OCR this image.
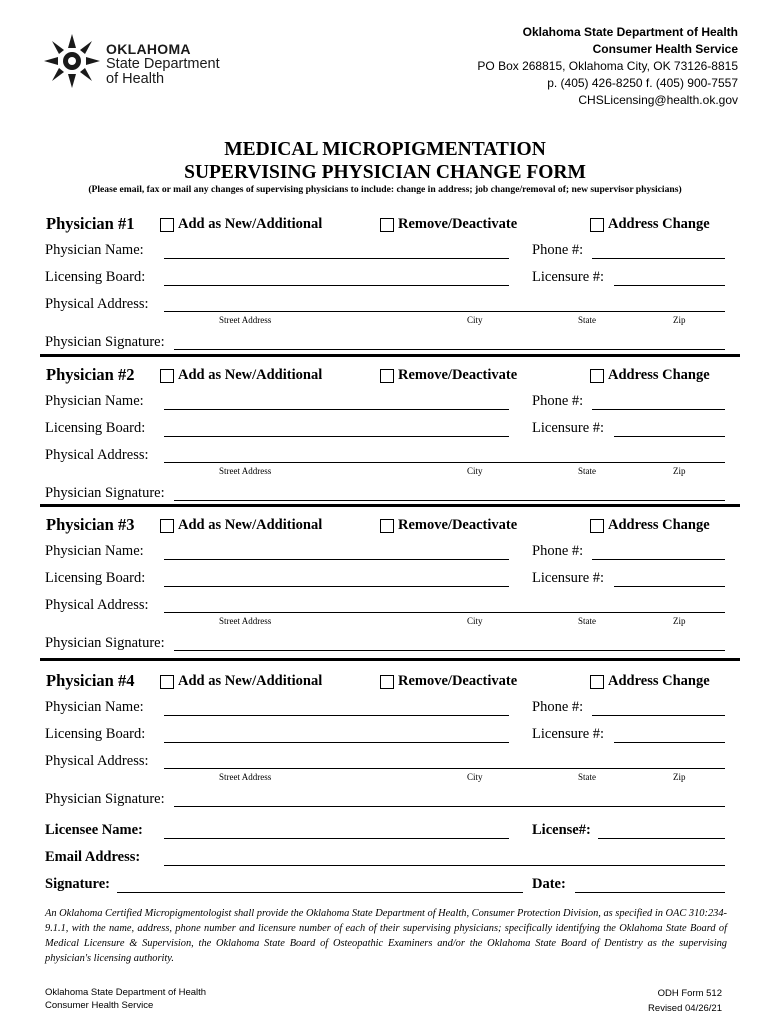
OKLAHOMA
State Department
of Health
Oklahoma State Department of Health
Consumer Health Service
PO Box 268815, Oklahoma City, OK 73126-8815
p. (405) 426-8250 f. (405) 900-7557
CHSLicensing@health.ok.gov
MEDICAL MICROPIGMENTATION
SUPERVISING PHYSICIAN CHANGE FORM
(Please email, fax or mail any changes of supervising physicians to include: change in address; job change/removal of; new supervisor physicians)
Physician #1	Add as New/Additional	Remove/Deactivate	Address Change
Physician Name:	Phone #:
Licensing Board:	Licensure #:
Physical Address:
Street Address	City	State	Zip
Physician Signature:
Physician #2	Add as New/Additional	Remove/Deactivate	Address Change
Physician Name:	Phone #:
Licensing Board:	Licensure #:
Physical Address:
Street Address	City	State	Zip
Physician Signature:
Physician #3	Add as New/Additional	Remove/Deactivate	Address Change
Physician Name:	Phone #:
Licensing Board:	Licensure #:
Physical Address:
Street Address	City	State	Zip
Physician Signature:
Physician #4	Add as New/Additional	Remove/Deactivate	Address Change
Physician Name:	Phone #:
Licensing Board:	Licensure #:
Physical Address:
Street Address	City	State	Zip
Physician Signature:
Licensee Name:	License#:
Email Address:
Signature:	Date:
An Oklahoma Certified Micropigmentologist shall provide the Oklahoma State Department of Health, Consumer Protection Division, as specified in OAC 310:234-9.1.1, with the name, address, phone number and licensure number of each of their supervising physicians; specifically identifying the Oklahoma State Board of Medical Licensure & Supervision, the Oklahoma State Board of Osteopathic Examiners and/or the Oklahoma State Board of Dentistry as the supervising physician's licensing authority.
Oklahoma State Department of Health
Consumer Health Service
ODH Form 512
Revised 04/26/21
